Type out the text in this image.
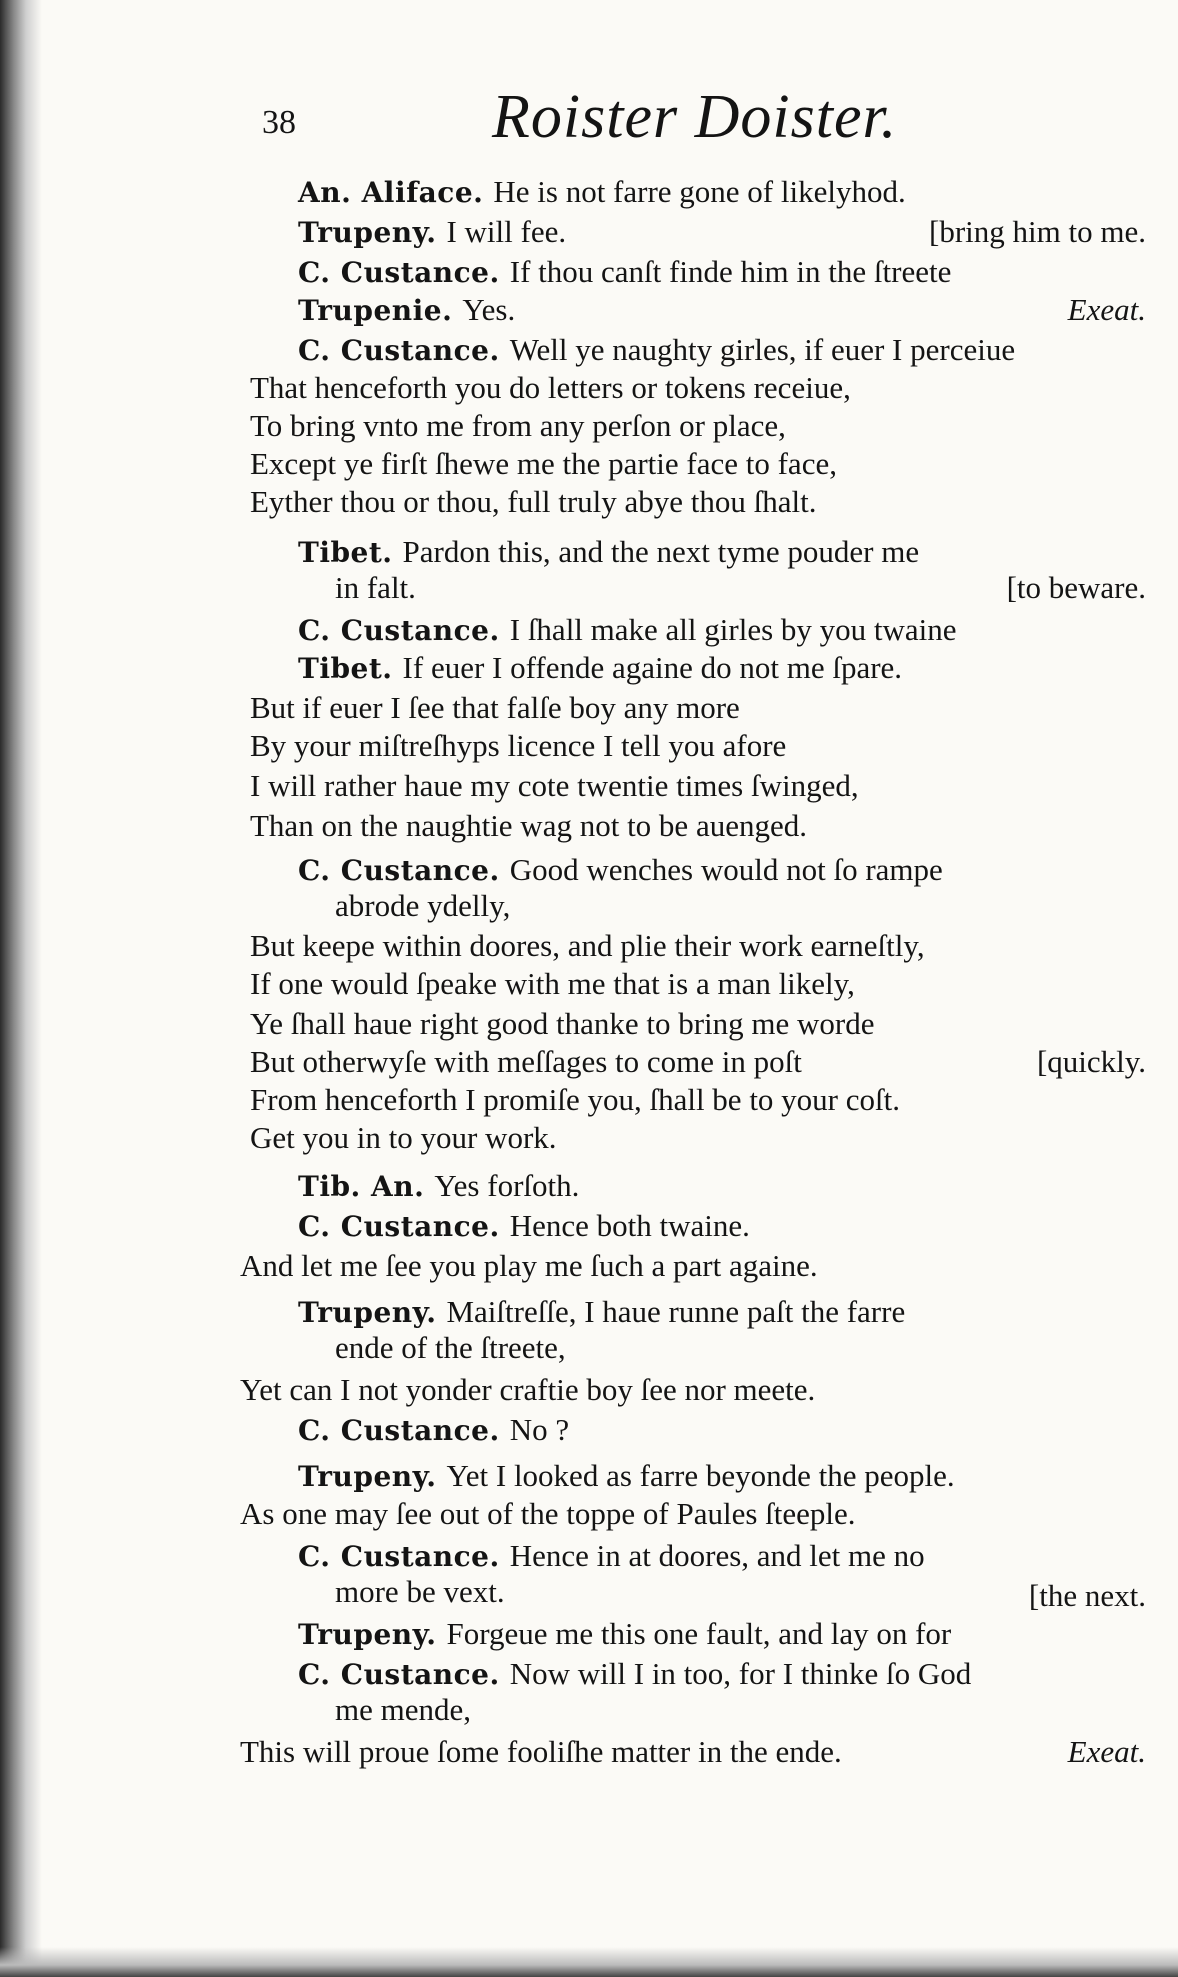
38	Roister Doister.
An. Aliface. He is not farre gone of likelyhod.
Trupeny. I will fee.	[bring him to me.
C. Custance. If thou canſt finde him in the ſtreete
Trupenie. Yes.	Exeat.
C. Custance. Well ye naughty girles, if euer I perceiue
That henceforth you do letters or tokens receiue,
To bring vnto me from any perſon or place,
Except ye firſt ſhewe me the partie face to face,
Eyther thou or thou, full truly abye thou ſhalt.
Tibet. Pardon this, and the next tyme pouder me
in falt.	[to beware.
C. Custance. I ſhall make all girles by you twaine
Tibet. If euer I offende againe do not me ſpare.
But if euer I ſee that falſe boy any more
By your miſtreſhyps licence I tell you afore
I will rather haue my cote twentie times ſwinged,
Than on the naughtie wag not to be auenged.
C. Custance. Good wenches would not ſo rampe
abrode ydelly,
But keepe within doores, and plie their work earneſtly,
If one would ſpeake with me that is a man likely,
Ye ſhall haue right good thanke to bring me worde
But otherwyſe with meſſages to come in poſt	[quickly.
From henceforth I promiſe you, ſhall be to your coſt.
Get you in to your work.
Tib. An. Yes forſoth.
C. Custance. Hence both twaine.
And let me ſee you play me ſuch a part againe.
Trupeny. Maiſtreſſe, I haue runne paſt the farre
ende of the ſtreete,
Yet can I not yonder craftie boy ſee nor meete.
C. Custance. No ?
Trupeny. Yet I looked as farre beyonde the people.
As one may ſee out of the toppe of Paules ſteeple.
C. Custance. Hence in at doores, and let me no
more be vext.	[the next.
Trupeny. Forgeue me this one fault, and lay on for
C. Custance. Now will I in too, for I thinke ſo God
me mende,
This will proue ſome fooliſhe matter in the ende.	Exeat.
